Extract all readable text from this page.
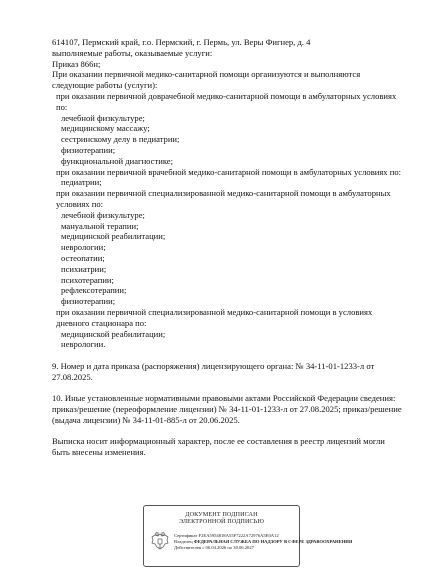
614107, Пермский край, г.о. Пермский, г. Пермь, ул. Веры Фигнер, д. 4
выполняемые работы, оказываемые услуги:
Приказ 866н;
При оказании первичной медико-санитарной помощи организуются и выполняются следующие работы (услуги):
при оказании первичной доврачебной медико-санитарной помощи в амбулаторных условиях по:
лечебной физкультуре;
медицинскому массажу;
сестринскому делу в педиатрии;
физиотерапии;
функциональной диагностике;
при оказании первичной врачебной медико-санитарной помощи в амбулаторных условиях по:
педиатрии;
при оказании первичной специализированной медико-санитарной помощи в амбулаторных условиях по:
лечебной физкультуре;
мануальной терапии;
медицинской реабилитации;
неврологии;
остеопатии;
психиатрии;
психотерапии;
рефлексотерапии;
физиотерапии;
при оказании первичной специализированной медико-санитарной помощи в условиях дневного стационара по:
медицинской реабилитации;
неврологии.
9. Номер и дата приказа (распоряжения) лицензирующего органа: № 34-11-01-1233-л от 27.08.2025.
10. Иные установленные нормативными правовыми актами Российской Федерации сведения: приказ/решение (переоформление лицензии) № 34-11-01-1233-л от 27.08.2025; приказ/решение (выдача лицензии) № 34-11-01-885-л от 20.06.2025.
Выписка носит информационный характер, после ее составления в реестр лицензий могли быть внесены изменения.
ДОКУМЕНТ ПОДПИСАН
ЭЛЕКТРОННОЙ ПОДПИСЬЮ
Сертификат F2EA5954818A55F7222A72976A5E0A12
Владелец ФЕДЕРАЛЬНАЯ СЛУЖБА ПО НАДЗОРУ В СФЕРЕ ЗДРАВООХРАНЕНИЯ
Действителен с 06.04.2026 по 30.06.2027
